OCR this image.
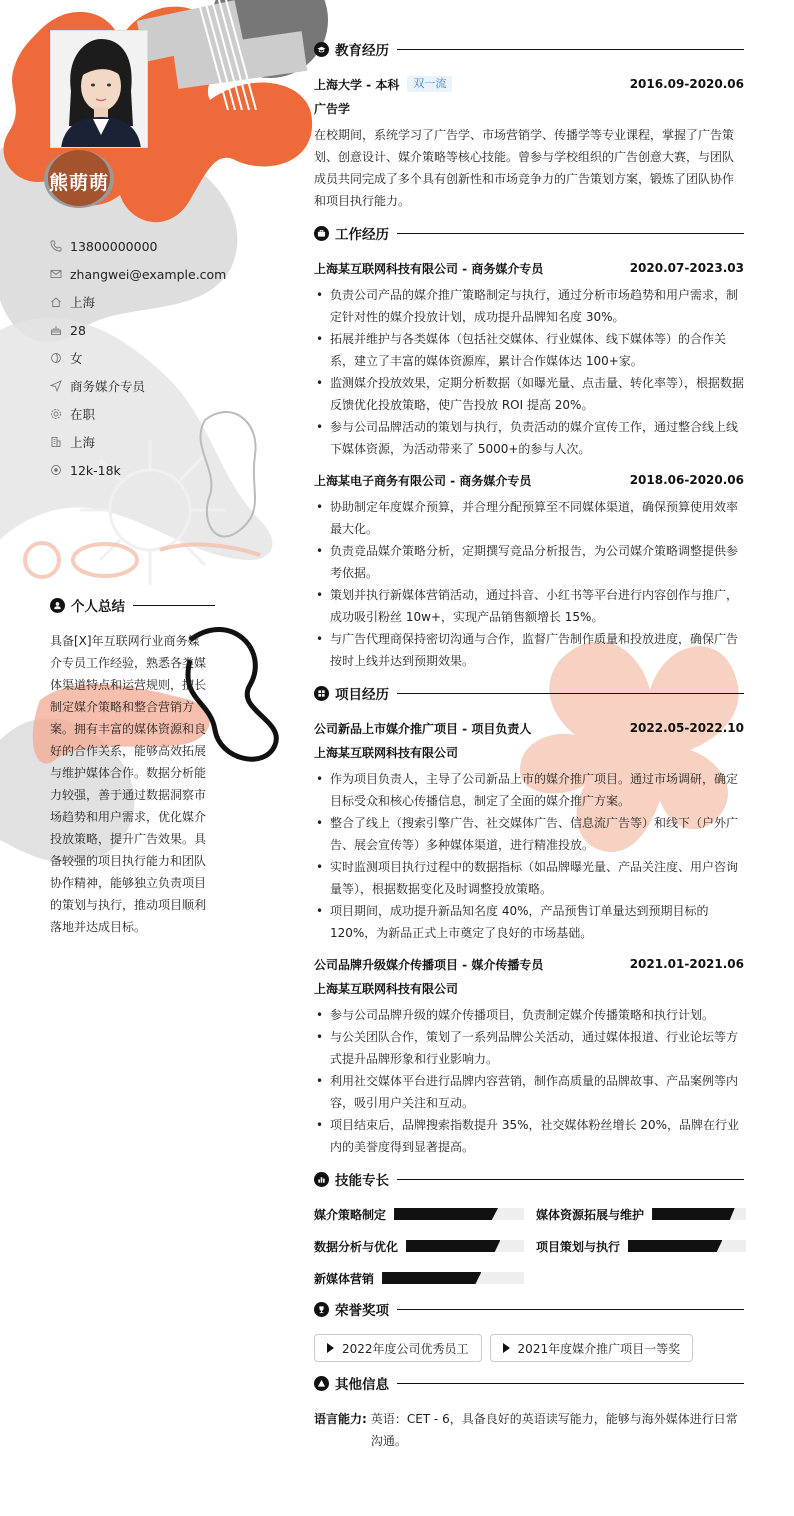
熊萌萌
13800000000
zhangwei@example.com
上海
28
女
商务媒介专员
在职
上海
12k-18k
个人总结
具备[X]年互联网行业商务媒介专员工作经验，熟悉各类媒体渠道特点和运营规则，擅长制定媒介策略和整合营销方案。拥有丰富的媒体资源和良好的合作关系，能够高效拓展与维护媒体合作。数据分析能力较强，善于通过数据洞察市场趋势和用户需求，优化媒介投放策略，提升广告效果。具备较强的项目执行能力和团队协作精神，能够独立负责项目的策划与执行，推动项目顺利落地并达成目标。
教育经历
上海大学 - 本科	双一流	2016.09-2020.06
广告学
在校期间，系统学习了广告学、市场营销学、传播学等专业课程，掌握了广告策划、创意设计、媒介策略等核心技能。曾参与学校组织的广告创意大赛，与团队成员共同完成了多个具有创新性和市场竞争力的广告策划方案，锻炼了团队协作和项目执行能力。
工作经历
上海某互联网科技有限公司 - 商务媒介专员	2020.07-2023.03
• 负责公司产品的媒介推广策略制定与执行，通过分析市场趋势和用户需求，制定针对性的媒介投放计划，成功提升品牌知名度 30%。
• 拓展并维护与各类媒体（包括社交媒体、行业媒体、线下媒体等）的合作关系，建立了丰富的媒体资源库，累计合作媒体达 100+家。
• 监测媒介投放效果，定期分析数据（如曝光量、点击量、转化率等），根据数据反馈优化投放策略，使广告投放 ROI 提高 20%。
• 参与公司品牌活动的策划与执行，负责活动的媒介宣传工作，通过整合线上线下媒体资源，为活动带来了 5000+的参与人次。
上海某电子商务有限公司 - 商务媒介专员	2018.06-2020.06
• 协助制定年度媒介预算，并合理分配预算至不同媒体渠道，确保预算使用效率最大化。
• 负责竞品媒介策略分析，定期撰写竞品分析报告，为公司媒介策略调整提供参考依据。
• 策划并执行新媒体营销活动，通过抖音、小红书等平台进行内容创作与推广，成功吸引粉丝 10w+，实现产品销售额增长 15%。
• 与广告代理商保持密切沟通与合作，监督广告制作质量和投放进度，确保广告按时上线并达到预期效果。
项目经历
公司新品上市媒介推广项目 - 项目负责人	2022.05-2022.10
上海某互联网科技有限公司
• 作为项目负责人，主导了公司新品上市的媒介推广项目。通过市场调研，确定目标受众和核心传播信息，制定了全面的媒介推广方案。
• 整合了线上（搜索引擎广告、社交媒体广告、信息流广告等）和线下（户外广告、展会宣传等）多种媒体渠道，进行精准投放。
• 实时监测项目执行过程中的数据指标（如品牌曝光量、产品关注度、用户咨询量等），根据数据变化及时调整投放策略。
• 项目期间，成功提升新品知名度 40%，产品预售订单量达到预期目标的 120%，为新品正式上市奠定了良好的市场基础。
公司品牌升级媒介传播项目 - 媒介传播专员	2021.01-2021.06
上海某互联网科技有限公司
• 参与公司品牌升级的媒介传播项目，负责制定媒介传播策略和执行计划。
• 与公关团队合作，策划了一系列品牌公关活动，通过媒体报道、行业论坛等方式提升品牌形象和行业影响力。
• 利用社交媒体平台进行品牌内容营销，制作高质量的品牌故事、产品案例等内容，吸引用户关注和互动。
• 项目结束后，品牌搜索指数提升 35%，社交媒体粉丝增长 20%，品牌在行业内的美誉度得到显著提高。
技能专长
媒介策略制定	媒体资源拓展与维护
数据分析与优化	项目策划与执行
新媒体营销
荣誉奖项
2022年度公司优秀员工	2021年度媒介推广项目一等奖
其他信息
语言能力: 英语：CET - 6，具备良好的英语读写能力，能够与海外媒体进行日常沟通。
